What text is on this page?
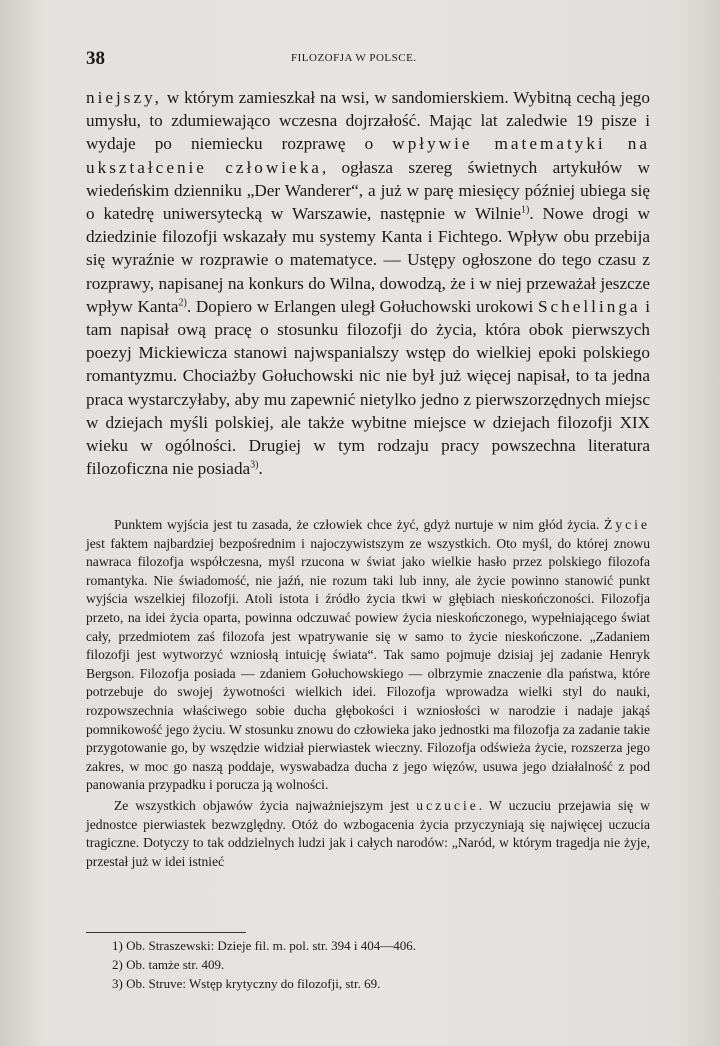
38	FILOZOFJA W POLSCE.

niejszy, w którym zamieszkał na wsi, w sandomierskiem. Wybitną cechą jego umysłu, to zdumiewająco wczesna dojrzałość. Mając lat zaledwie 19 pisze i wydaje po niemiecku rozprawę o wpływie matematyki na ukształcenie człowieka, ogłasza szereg świetnych artykułów w wiedeńskim dzienniku „Der Wanderer“, a już w parę miesięcy później ubiega się o katedrę uniwersytecką w Warszawie, następnie w Wilnie$^{1)}$. Nowe drogi w dziedzinie filozofji wskazały mu systemy Kanta i Fichtego. Wpływ obu przebija się wyraźnie w rozprawie o matematyce. — Ustępy ogłoszone do tego czasu z rozprawy, napisanej na konkurs do Wilna, dowodzą, że i w niej przeważał jeszcze wpływ Kanta$^{2)}$. Dopiero w Erlangen uległ Gołuchowski urokowi Schellinga i tam napisał ową pracę o stosunku filozofji do życia, która obok pierwszych poezyj Mickiewicza stanowi najwspanialszy wstęp do wielkiej epoki polskiego romantyzmu. Chociażby Gołuchowski nic nie był już więcej napisał, to ta jedna praca wystarczyłaby, aby mu zapewnić nietylko jedno z pierwszorzędnych miejsc w dziejach myśli polskiej, ale także wybitne miejsce w dziejach filozofji XIX wieku w ogólności. Drugiej w tym rodzaju pracy powszechna literatura filozoficzna nie posiada$^{3)}$.

Punktem wyjścia jest tu zasada, że człowiek chce żyć, gdyż nurtuje w nim głód życia. Życie jest faktem najbardziej bezpośrednim i najoczywistszym ze wszystkich. Oto myśl, do której znowu nawraca filozofja współczesna, myśl rzucona w świat jako wielkie hasło przez polskiego filozofa romantyka. Nie świadomość, nie jaźń, nie rozum taki lub inny, ale życie powinno stanowić punkt wyjścia wszelkiej filozofji. Atoli istota i źródło życia tkwi w głębiach nieskończoności. Filozofja przeto, na idei życia oparta, powinna odczuwać powiew życia nieskończonego, wypełniającego świat cały, przedmiotem zaś filozofa jest wpatrywanie się w samo to życie nieskończone. „Zadaniem filozofji jest wytworzyć wzniosłą intuicję świata“. Tak samo pojmuje dzisiaj jej zadanie Henryk Bergson. Filozofja posiada — zdaniem Gołuchowskiego — olbrzymie znaczenie dla państwa, które potrzebuje do swojej żywotności wielkich idei. Filozofja wprowadza wielki styl do nauki, rozpowszechnia właściwego sobie ducha głębokości i wzniosłości w narodzie i nadaje jakąś pomnikowość jego życiu. W stosunku znowu do człowieka jako jednostki ma filozofja za zadanie takie przygotowanie go, by wszędzie widział pierwiastek wieczny. Filozofja odświeża życie, rozszerza jego zakres, w moc go naszą poddaje, wyswabadza ducha z jego więzów, usuwa jego działalność z pod panowania przypadku i porucza ją wolności.

Ze wszystkich objawów życia najważniejszym jest uczucie. W uczuciu przejawia się w jednostce pierwiastek bezwzględny. Otóż do wzbogacenia życia przyczyniają się najwięcej uczucia tragiczne. Dotyczy to tak oddzielnych ludzi jak i całych narodów: „Naród, w którym tragedja nie żyje, przestał już w idei istnieć

1) Ob. Straszewski: Dzieje fil. m. pol. str. 394 i 404—406.
2) Ob. tamże str. 409.
3) Ob. Struve: Wstęp krytyczny do filozofji, str. 69.
